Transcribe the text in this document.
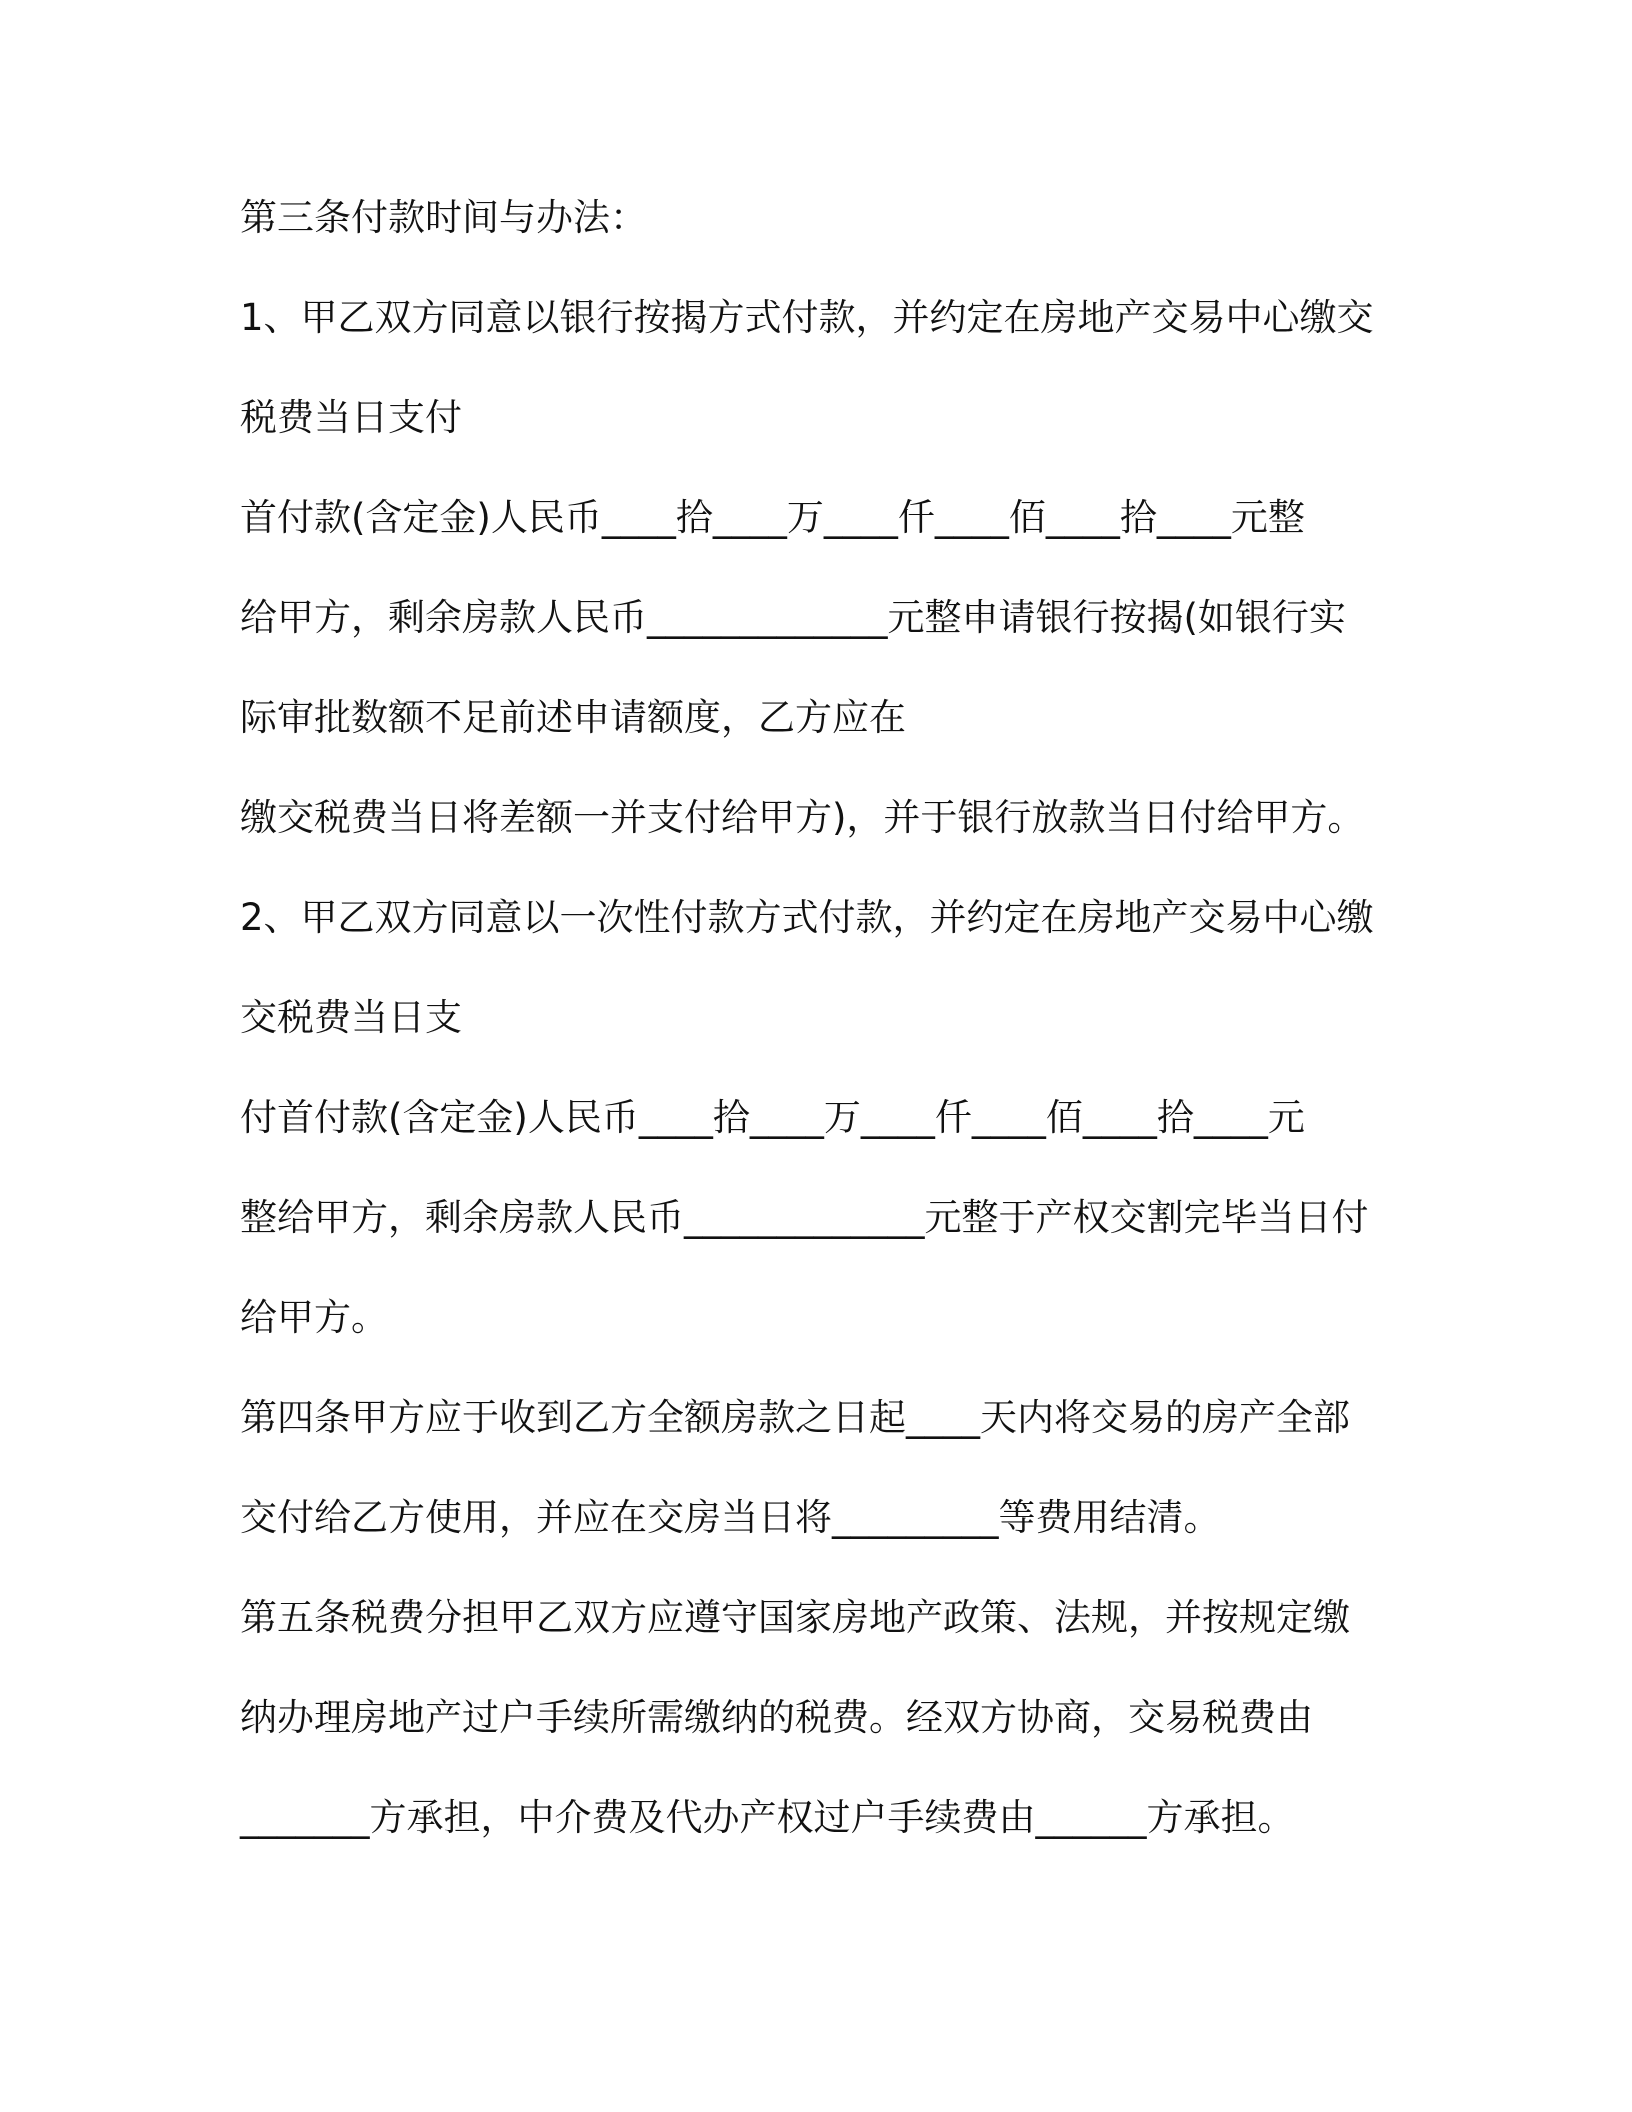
第三条付款时间与办法：

1、甲乙双方同意以银行按揭方式付款，并约定在房地产交易中心缴交

税费当日支付

首付款(含定金)人民币____拾____万____仟____佰____拾____元整

给甲方，剩余房款人民币_____________元整申请银行按揭(如银行实

际审批数额不足前述申请额度，乙方应在

缴交税费当日将差额一并支付给甲方)，并于银行放款当日付给甲方。

2、甲乙双方同意以一次性付款方式付款，并约定在房地产交易中心缴

交税费当日支

付首付款(含定金)人民币____拾____万____仟____佰____拾____元

整给甲方，剩余房款人民币_____________元整于产权交割完毕当日付

给甲方。

第四条甲方应于收到乙方全额房款之日起____天内将交易的房产全部

交付给乙方使用，并应在交房当日将_________等费用结清。

第五条税费分担甲乙双方应遵守国家房地产政策、法规，并按规定缴

纳办理房地产过户手续所需缴纳的税费。经双方协商，交易税费由

_______方承担，中介费及代办产权过户手续费由______方承担。
